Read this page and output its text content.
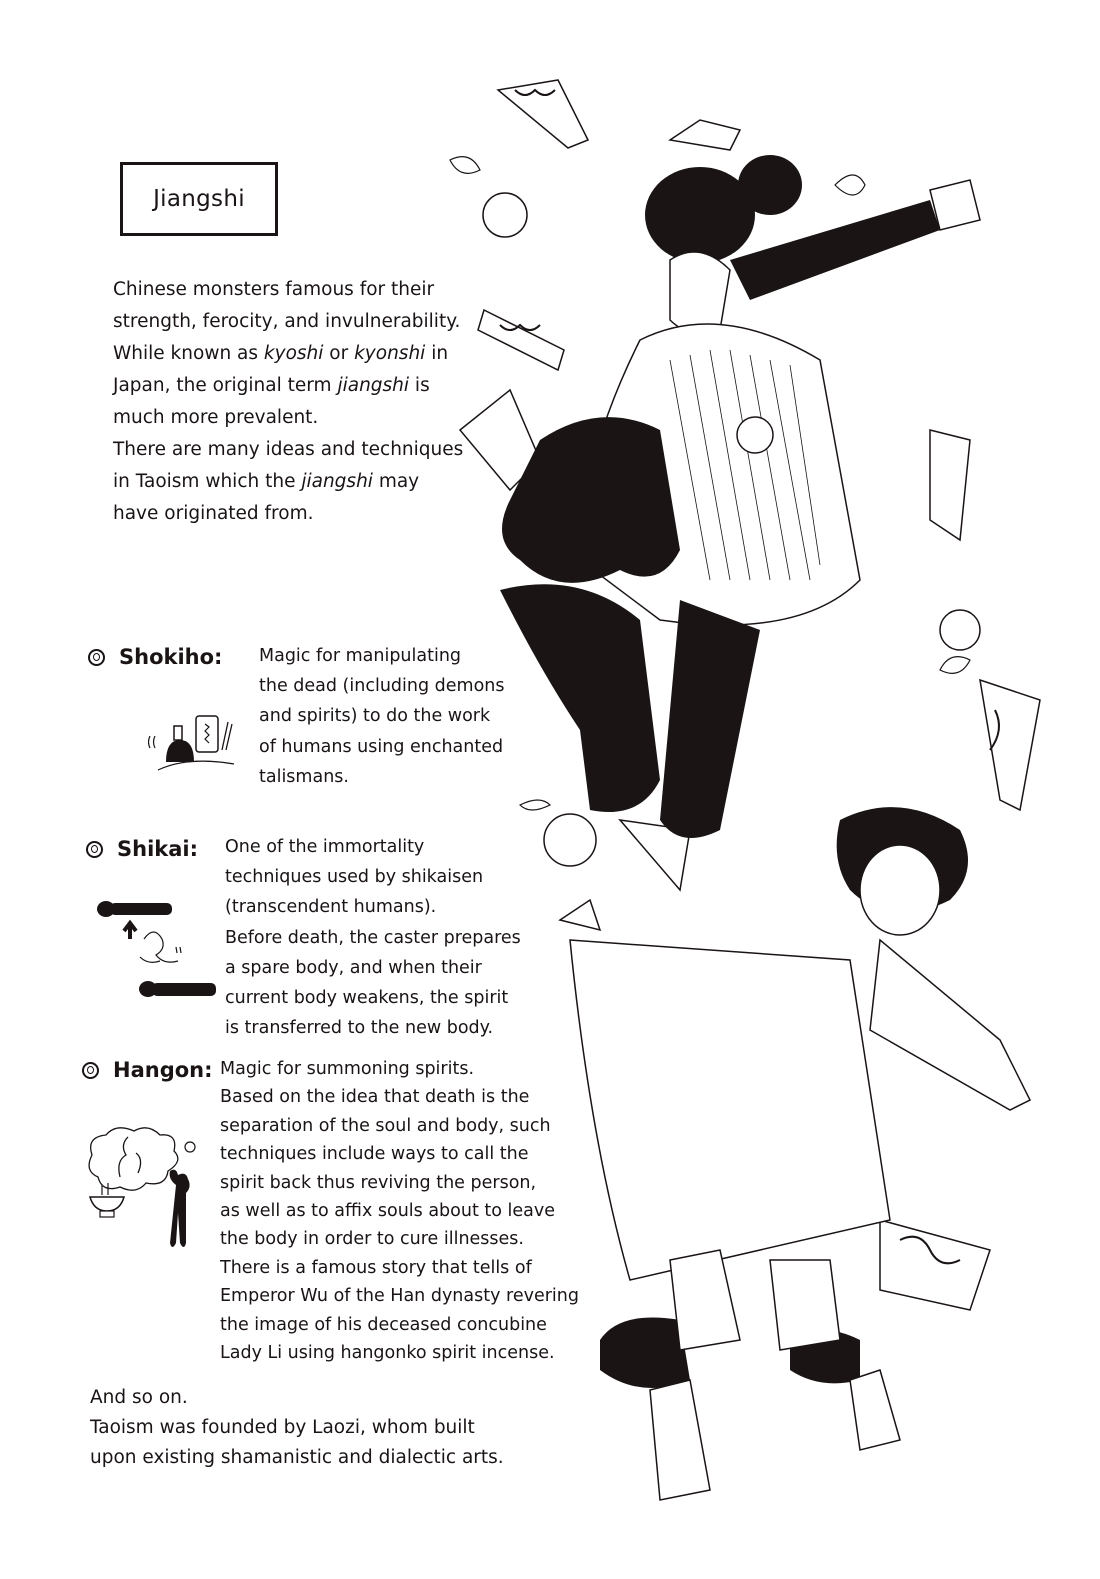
Jiangshi
Chinese monsters famous for their
strength, ferocity, and invulnerability.
While known as kyoshi or kyonshi in
Japan, the original term jiangshi is
much more prevalent.
There are many ideas and techniques
in Taoism which the jiangshi may
have originated from.
Shokiho: Magic for manipulating
the dead (including demons
and spirits) to do the work
of humans using enchanted
talismans.
Shikai: One of the immortality
techniques used by shikaisen
(transcendent humans).
Before death, the caster prepares
a spare body, and when their
current body weakens, the spirit
is transferred to the new body.
Hangon: Magic for summoning spirits.
Based on the idea that death is the
separation of the soul and body, such
techniques include ways to call the
spirit back thus reviving the person,
as well as to affix souls about to leave
the body in order to cure illnesses.
There is a famous story that tells of
Emperor Wu of the Han dynasty revering
the image of his deceased concubine
Lady Li using hangonko spirit incense.
And so on.
Taoism was founded by Laozi, whom built
upon existing shamanistic and dialectic arts.
